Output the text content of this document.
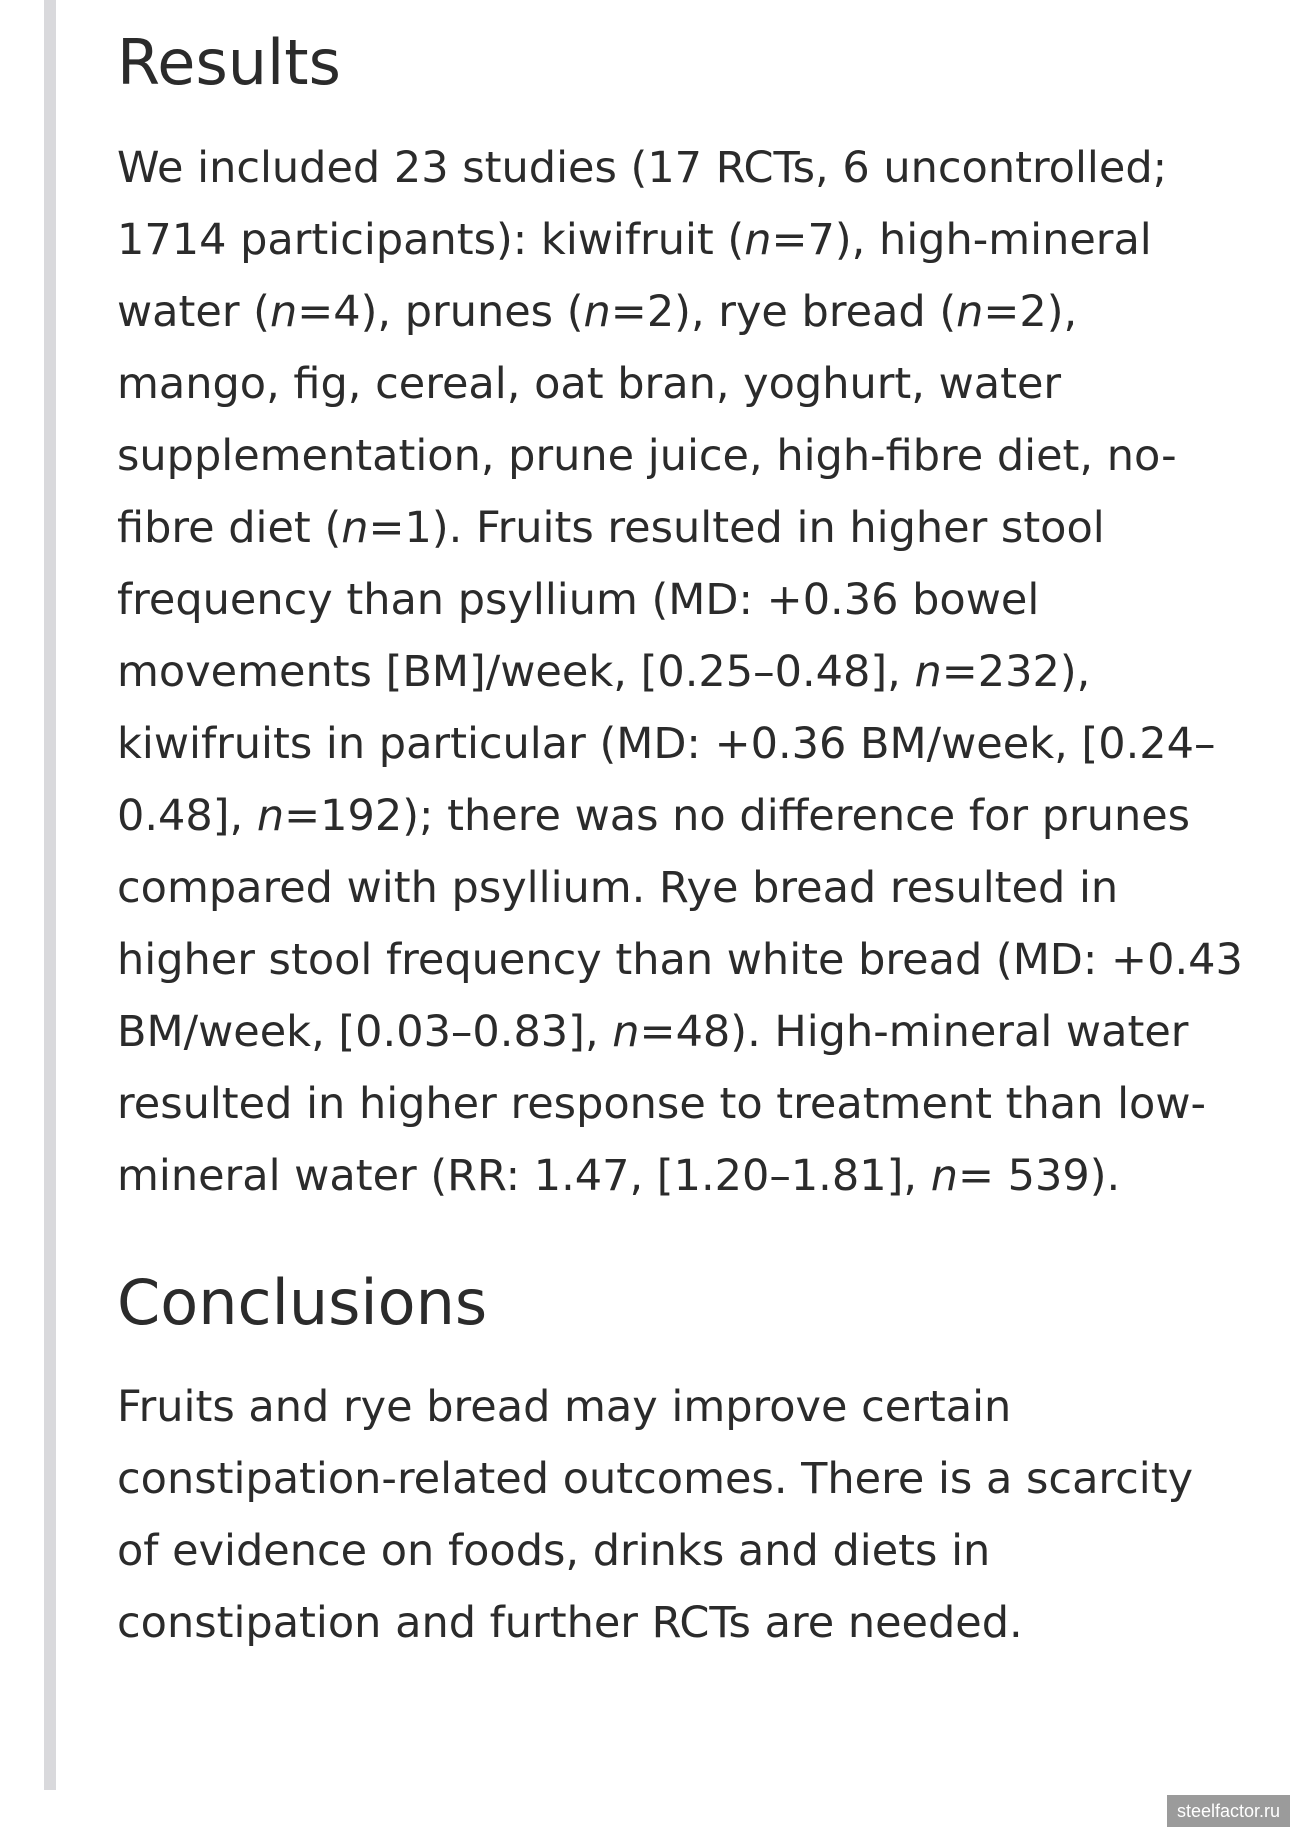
Results

We included 23 studies (17 RCTs, 6 uncontrolled; 1714 participants): kiwifruit (n=7), high-mineral water (n=4), prunes (n=2), rye bread (n=2), mango, fig, cereal, oat bran, yoghurt, water supplementation, prune juice, high-fibre diet, no-fibre diet (n=1). Fruits resulted in higher stool frequency than psyllium (MD: +0.36 bowel movements [BM]/week, [0.25–0.48], n=232), kiwifruits in particular (MD: +0.36 BM/week, [0.24–0.48], n=192); there was no difference for prunes compared with psyllium. Rye bread resulted in higher stool frequency than white bread (MD: +0.43 BM/week, [0.03–0.83], n=48). High-mineral water resulted in higher response to treatment than low-mineral water (RR: 1.47, [1.20–1.81], n= 539).

Conclusions

Fruits and rye bread may improve certain constipation-related outcomes. There is a scarcity of evidence on foods, drinks and diets in constipation and further RCTs are needed.

steelfactor.ru
